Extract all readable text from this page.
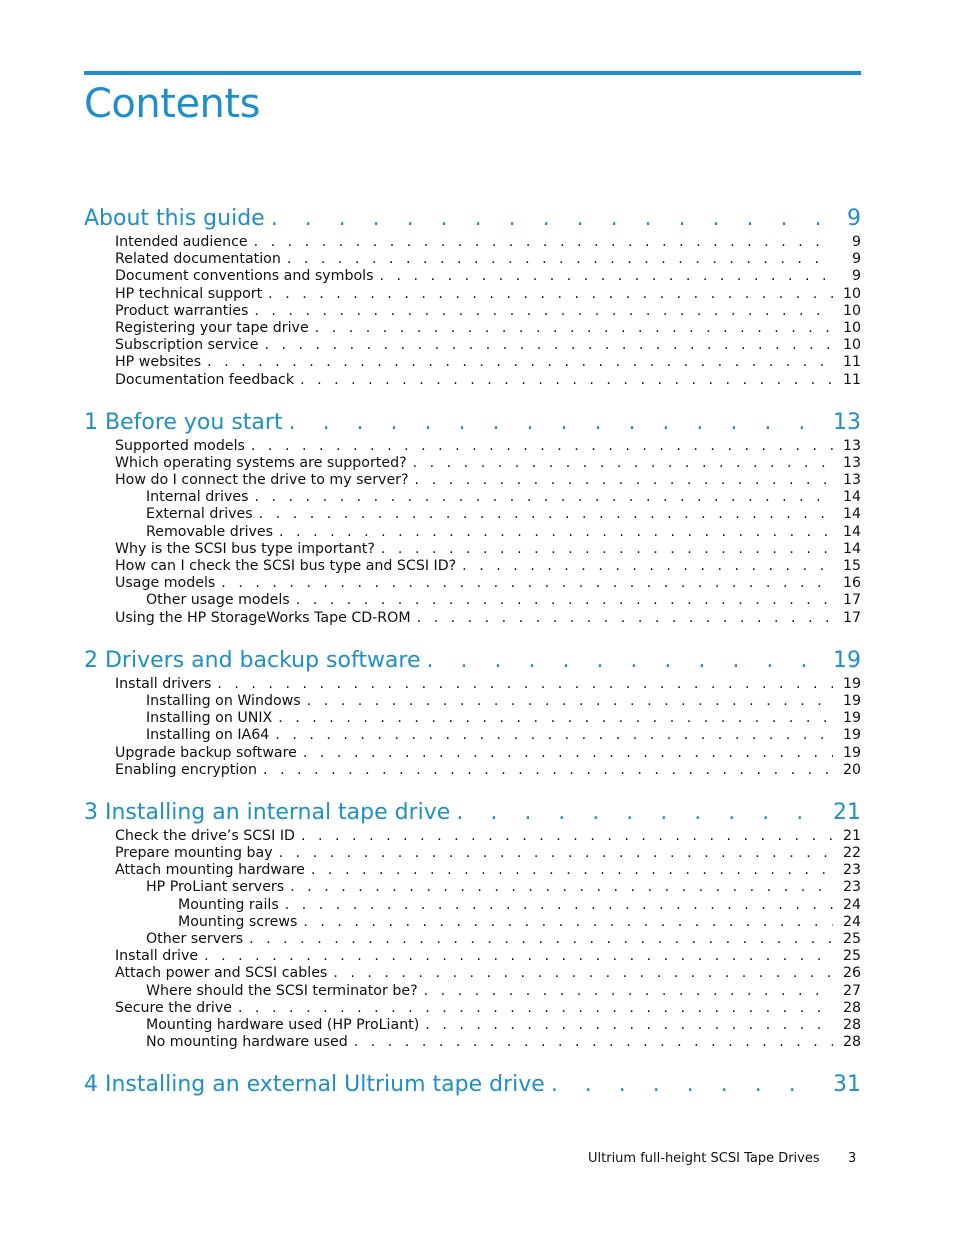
Contents
About this guide . . .	9
Intended audience . . .	9
Related documentation . . .	9
Document conventions and symbols . . .	9
HP technical support . . .	10
Product warranties . . .	10
Registering your tape drive . . .	10
Subscription service . . .	10
HP websites . . .	11
Documentation feedback . . .	11
1 Before you start . . .	13
Supported models . . .	13
Which operating systems are supported? . . .	13
How do I connect the drive to my server? . . .	13
Internal drives . . .	14
External drives . . .	14
Removable drives . . .	14
Why is the SCSI bus type important? . . .	14
How can I check the SCSI bus type and SCSI ID? . . .	15
Usage models . . .	16
Other usage models . . .	17
Using the HP StorageWorks Tape CD-ROM . . .	17
2 Drivers and backup software . . .	19
Install drivers . . .	19
Installing on Windows . . .	19
Installing on UNIX . . .	19
Installing on IA64 . . .	19
Upgrade backup software . . .	19
Enabling encryption . . .	20
3 Installing an internal tape drive . . .	21
Check the drive’s SCSI ID . . .	21
Prepare mounting bay . . .	22
Attach mounting hardware . . .	23
HP ProLiant servers . . .	23
Mounting rails . . .	24
Mounting screws . . .	24
Other servers . . .	25
Install drive . . .	25
Attach power and SCSI cables . . .	26
Where should the SCSI terminator be? . . .	27
Secure the drive . . .	28
Mounting hardware used (HP ProLiant) . . .	28
No mounting hardware used . . .	28
4 Installing an external Ultrium tape drive . . .	31
Ultrium full-height SCSI Tape Drives 3
